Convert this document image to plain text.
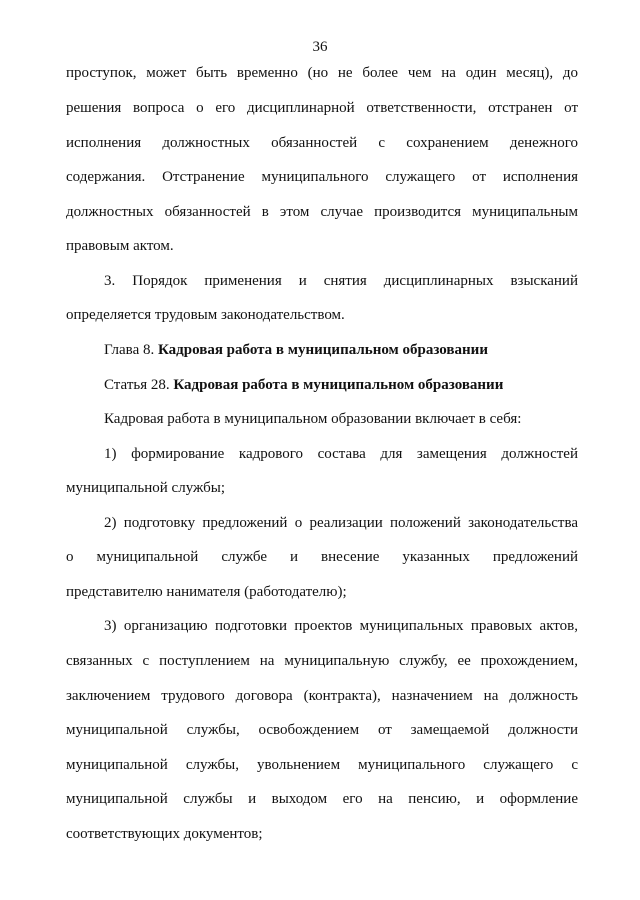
36
проступок, может быть временно (но не более чем на один месяц), до
решения вопроса о его дисциплинарной ответственности, отстранен от
исполнения должностных обязанностей с сохранением денежного
содержания. Отстранение муниципального служащего от исполнения
должностных обязанностей в этом случае производится муниципальным
правовым актом.
3. Порядок применения и снятия дисциплинарных взысканий
определяется трудовым законодательством.
Глава 8. Кадровая работа в муниципальном образовании
Статья 28. Кадровая работа в муниципальном образовании
Кадровая работа в муниципальном образовании включает в себя:
1) формирование кадрового состава для замещения должностей
муниципальной службы;
2) подготовку предложений о реализации положений законодательства
о муниципальной службе и внесение указанных предложений
представителю нанимателя (работодателю);
3) организацию подготовки проектов муниципальных правовых актов,
связанных с поступлением на муниципальную службу, ее прохождением,
заключением трудового договора (контракта), назначением на должность
муниципальной службы, освобождением от замещаемой должности
муниципальной службы, увольнением муниципального служащего с
муниципальной службы и выходом его на пенсию, и оформление
соответствующих документов;
